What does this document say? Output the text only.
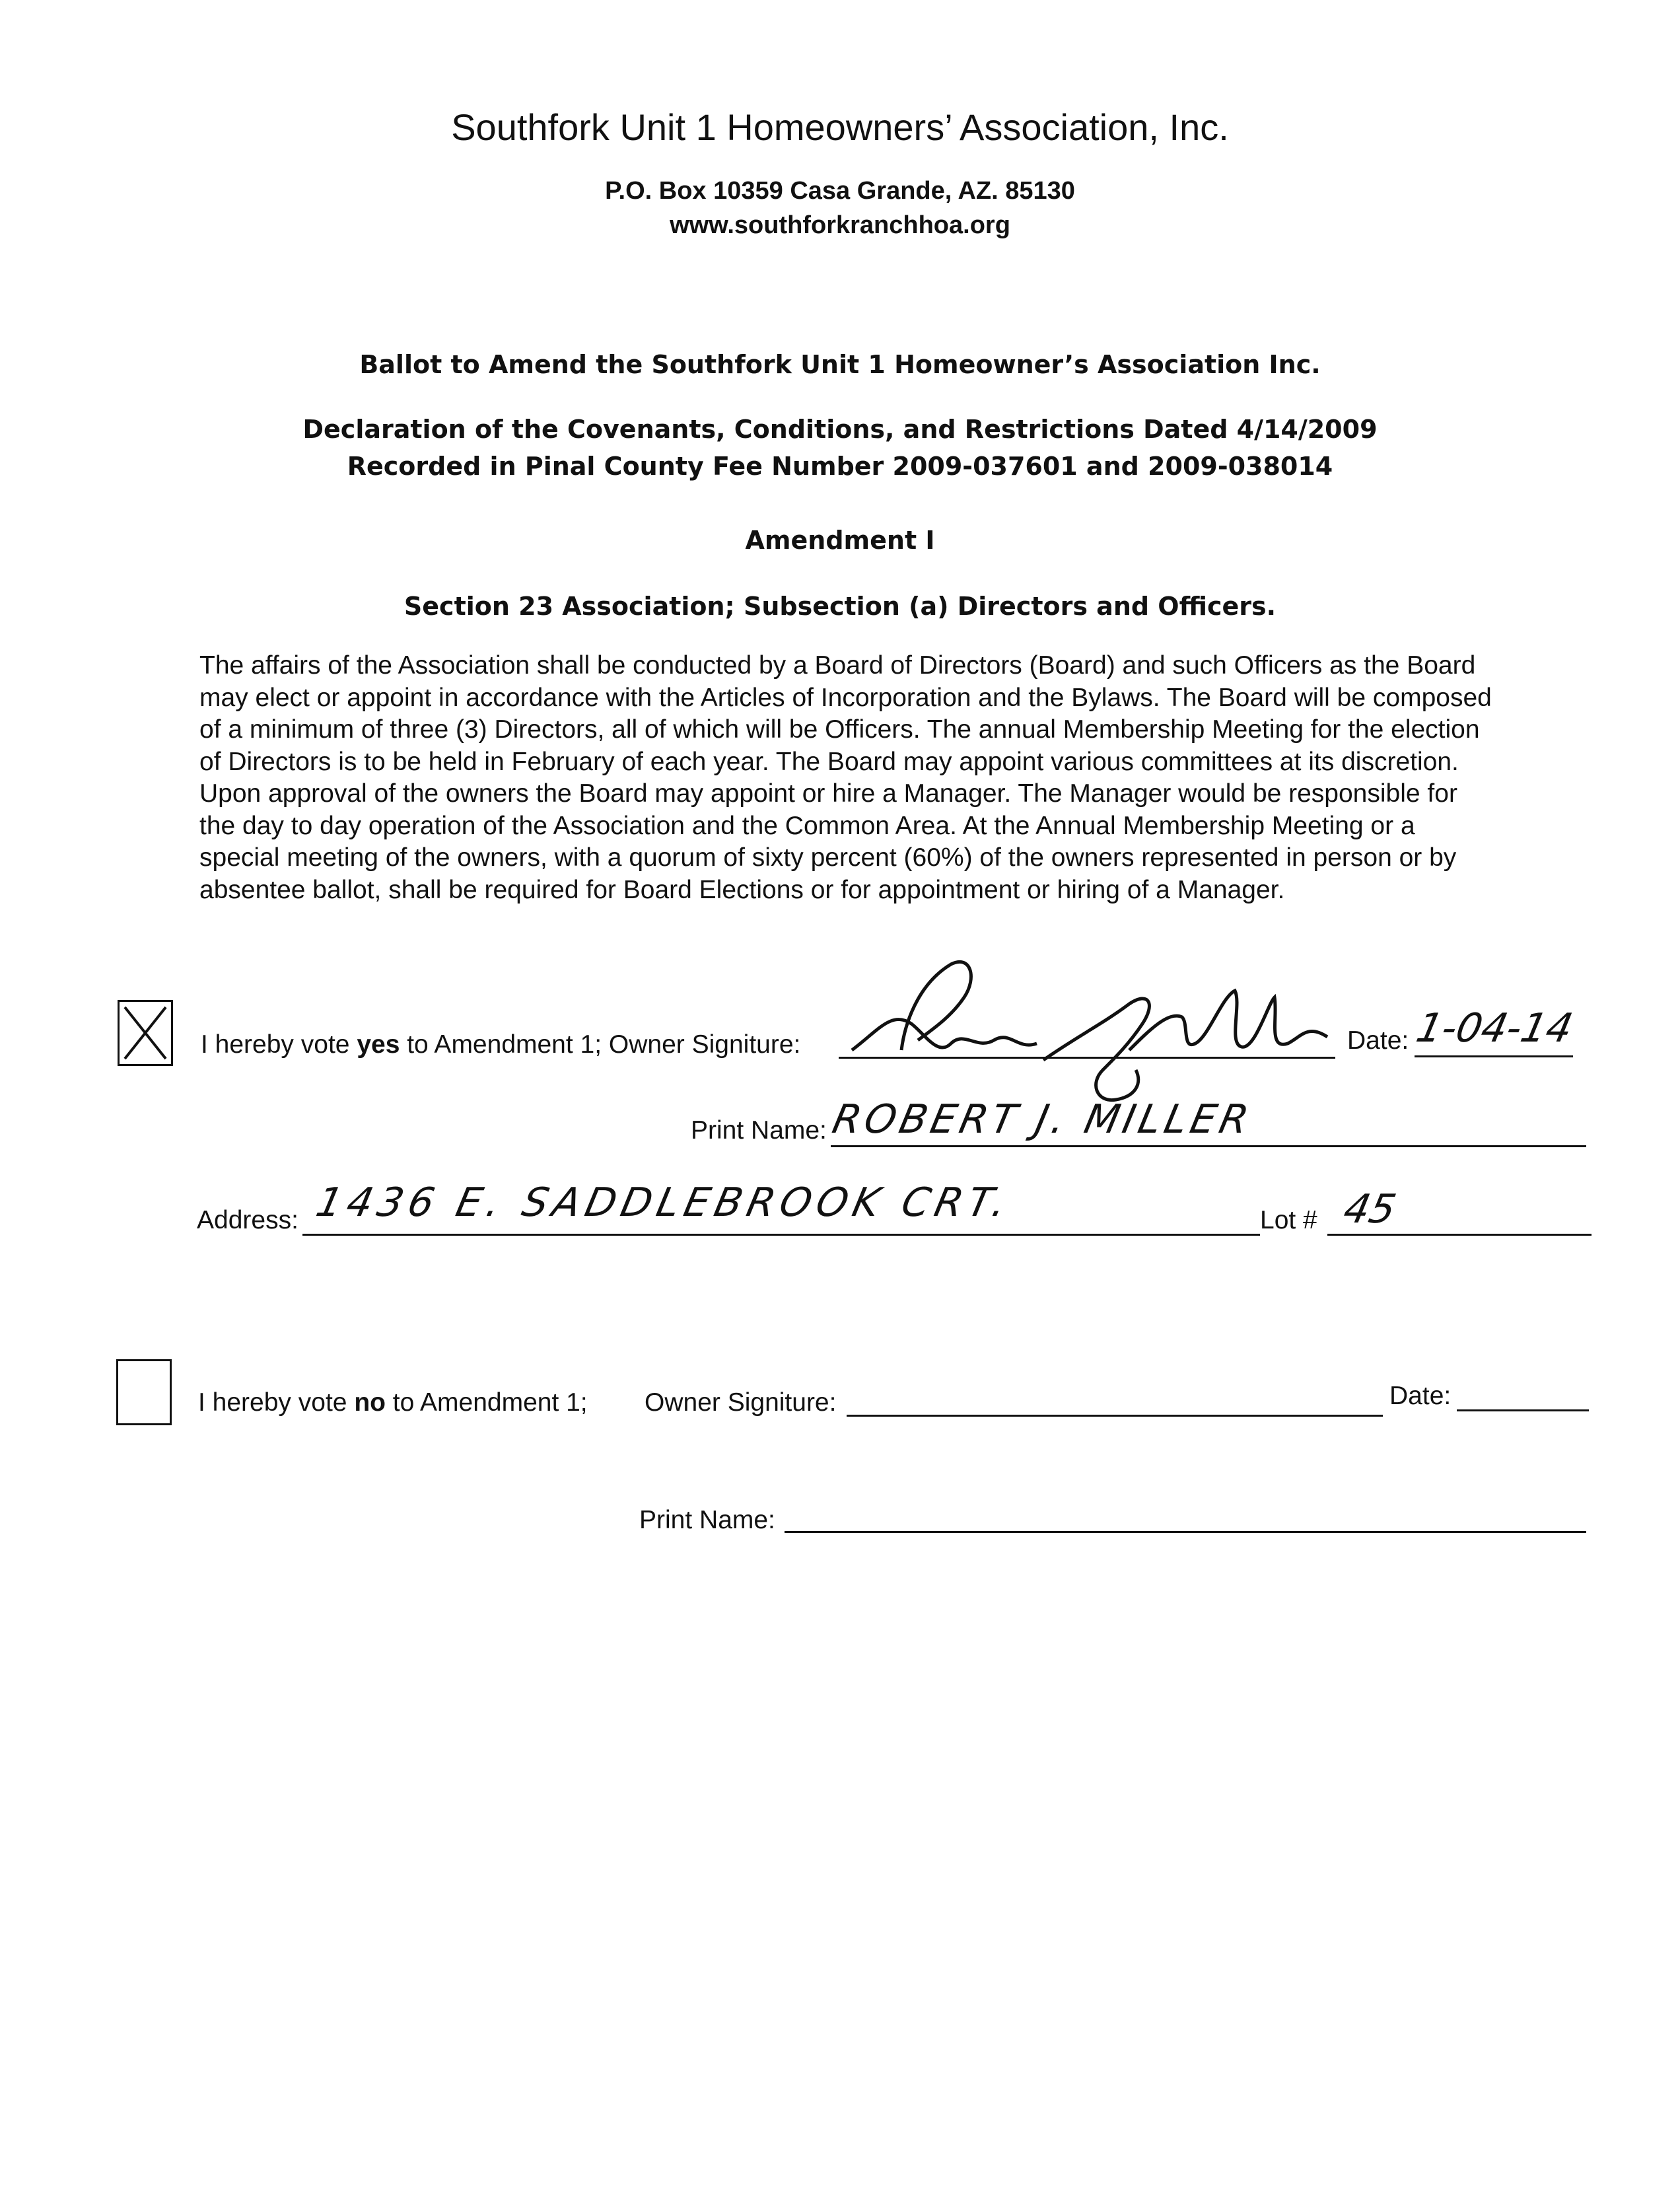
Southfork Unit 1 Homeowners’ Association, Inc.
P.O. Box 10359 Casa Grande, AZ. 85130
www.southforkranchhoa.org
Ballot to Amend the Southfork Unit 1 Homeowner’s Association Inc.
Declaration of the Covenants, Conditions, and Restrictions Dated 4/14/2009
Recorded in Pinal County Fee Number 2009-037601 and 2009-038014
Amendment I
Section 23 Association; Subsection (a) Directors and Officers.

The affairs of the Association shall be conducted by a Board of Directors (Board) and such Officers as the Board may elect or appoint in accordance with the Articles of Incorporation and the Bylaws. The Board will be composed of a minimum of three (3) Directors, all of which will be Officers. The annual Membership Meeting for the election of Directors is to be held in February of each year. The Board may appoint various committees at its discretion. Upon approval of the owners the Board may appoint or hire a Manager. The Manager would be responsible for the day to day operation of the Association and the Common Area. At the Annual Membership Meeting or a special meeting of the owners, with a quorum of sixty percent (60%) of the owners represented in person or by absentee ballot, shall be required for Board Elections or for appointment or hiring of a Manager.

I hereby vote yes to Amendment 1; Owner Signiture:	Date: 1-04-14
Print Name: ROBERT J. MILLER
Address: 1436 E. SADDLEBROOK CRT.	Lot # 45
I hereby vote no to Amendment 1; Owner Signiture:	Date:
Print Name:
